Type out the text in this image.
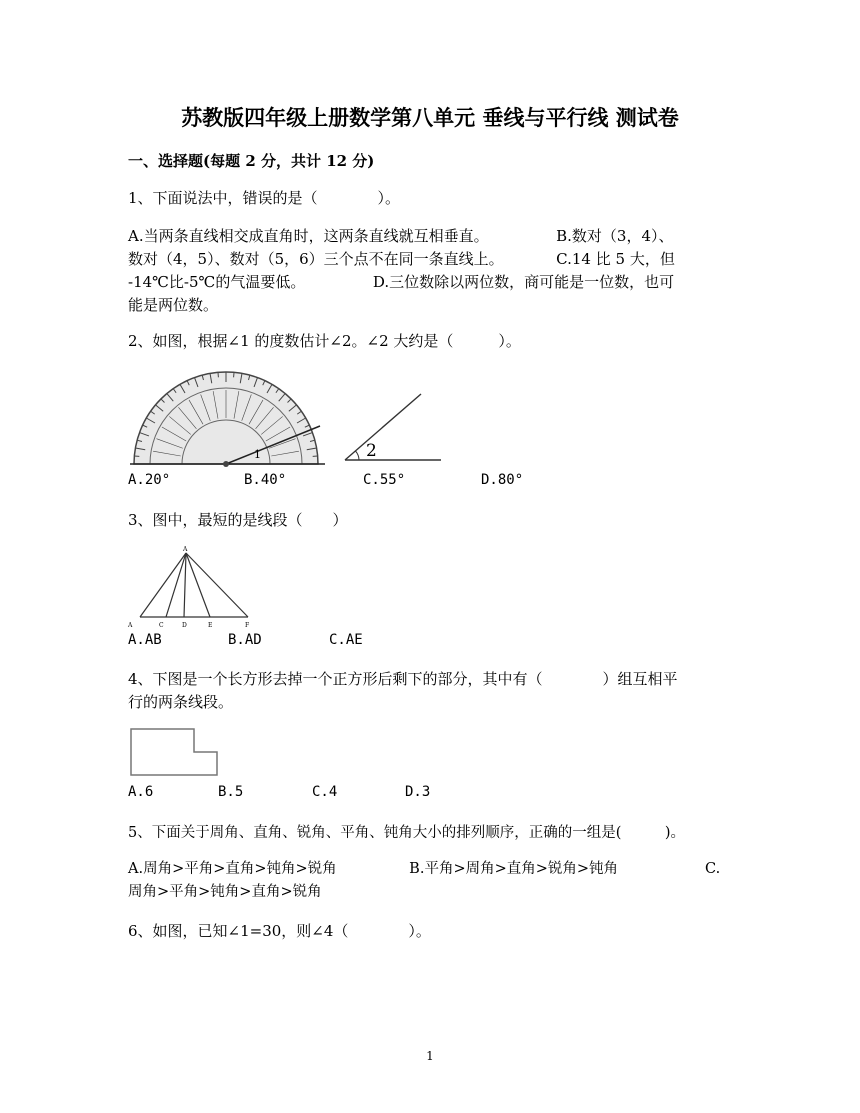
苏教版四年级上册数学第八单元 垂线与平行线 测试卷
一、选择题(每题 2 分，共计 12 分)
1、下面说法中，错误的是（　　　　）。
A.当两条直线相交成直角时，这两条直线就互相垂直。　　　　　B.数对（3，4）、
数对（4，5）、数对（5，6）三个点不在同一条直线上。　　　　C.14 比 5 大，但
-14℃比-5℃的气温要低。　　　　　D.三位数除以两位数，商可能是一位数，也可
能是两位数。
2、如图，根据∠1 的度数估计∠2。∠2 大约是（　　　）。
1	2
A.20°	B.40°	C.55°	D.80°
3、图中，最短的是线段（　　）
A
A	C	D	E	F
A.AB	B.AD	C.AE
4、下图是一个长方形去掉一个正方形后剩下的部分，其中有（　　　　）组互相平
行的两条线段。
A.6	B.5	C.4	D.3
5、下面关于周角、直角、锐角、平角、钝角大小的排列顺序，正确的一组是(　　　)。
A.周角>平角>直角>钝角>锐角　　　　　B.平角>周角>直角>锐角>钝角　　　　　　C.
周角>平角>钝角>直角>锐角
6、如图，已知∠1=30，则∠4（　　　　）。
1
